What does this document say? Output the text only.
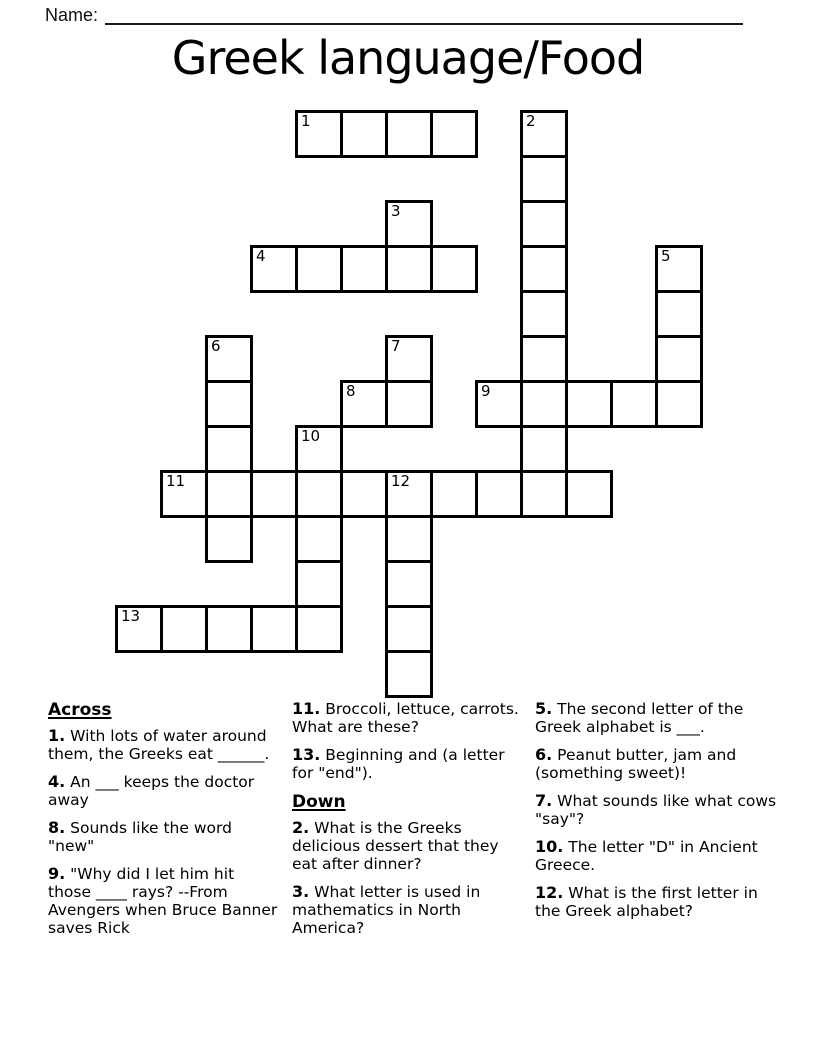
Name:
Greek language/Food
1	2
3
4	5
6	7
8	9
10
11	12
13
Across
1. With lots of water around them, the Greeks eat ______.
4. An ___ keeps the doctor away
8. Sounds like the word "new"
9. "Why did I let him hit those ____ rays? --From Avengers when Bruce Banner saves Rick
11. Broccoli, lettuce, carrots. What are these?
13. Beginning and (a letter for "end").
Down
2. What is the Greeks delicious dessert that they eat after dinner?
3. What letter is used in mathematics in North America?
5. The second letter of the Greek alphabet is ___.
6. Peanut butter, jam and (something sweet)!
7. What sounds like what cows "say"?
10. The letter "D" in Ancient Greece.
12. What is the first letter in the Greek alphabet?
